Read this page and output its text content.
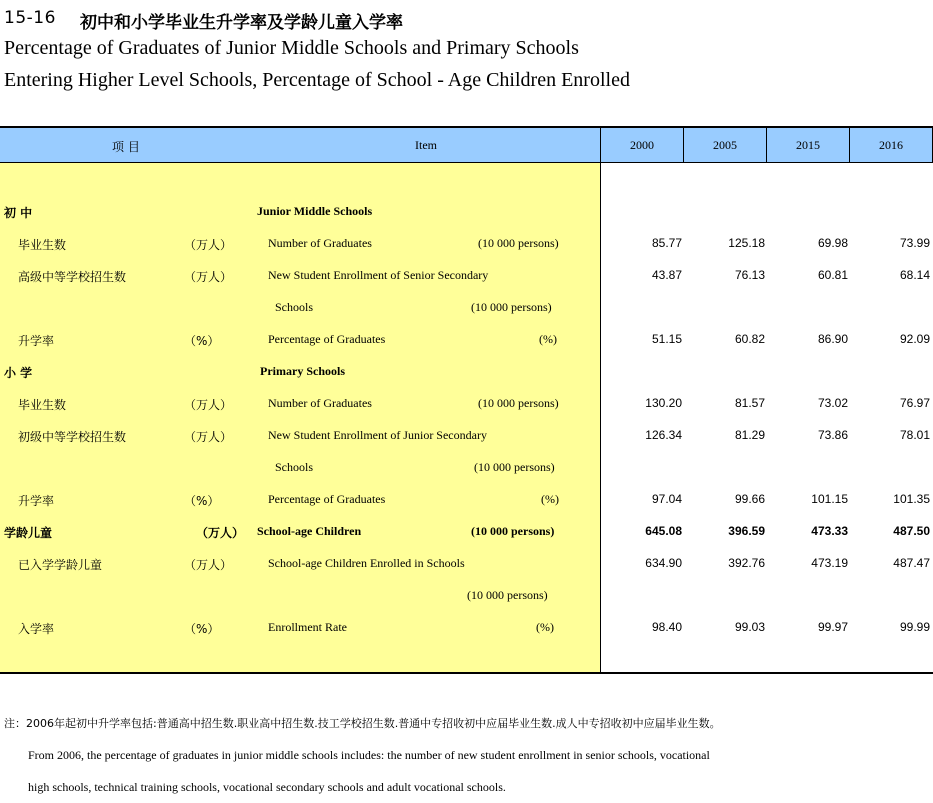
15-16 初中和小学毕业生升学率及学龄儿童入学率
Percentage of Graduates of Junior Middle Schools and Primary Schools
Entering Higher Level Schools, Percentage of School - Age Children Enrolled
项 目	Item	2000	2005	2015	2016
初 中	Junior Middle Schools
毕业生数	（万人）	Number of Graduates	(10 000 persons)	85.77	125.18	69.98	73.99
高级中等学校招生数	（万人）	New Student Enrollment of Senior Secondary	43.87	76.13	60.81	68.14
Schools	(10 000 persons)
升学率	（%）	Percentage of Graduates	(%)	51.15	60.82	86.90	92.09
小 学	Primary Schools
毕业生数	（万人）	Number of Graduates	(10 000 persons)	130.20	81.57	73.02	76.97
初级中等学校招生数	（万人）	New Student Enrollment of Junior Secondary	126.34	81.29	73.86	78.01
Schools	(10 000 persons)
升学率	（%）	Percentage of Graduates	(%)	97.04	99.66	101.15	101.35
学龄儿童	（万人） School-age Children	(10 000 persons)	645.08	396.59	473.33	487.50
已入学学龄儿童	（万人）	School-age Children Enrolled in Schools	634.90	392.76	473.19	487.47
(10 000 persons)
入学率	（%）	Enrollment Rate	(%)	98.40	99.03	99.97	99.99
注：2006年起初中升学率包括:普通高中招生数.职业高中招生数.技工学校招生数.普通中专招收初中应届毕业生数.成人中专招收初中应届毕业生数。
From 2006, the percentage of graduates in junior middle schools includes: the number of new student enrollment in senior schools, vocational
high schools, technical training schools, vocational secondary schools and adult vocational schools.
